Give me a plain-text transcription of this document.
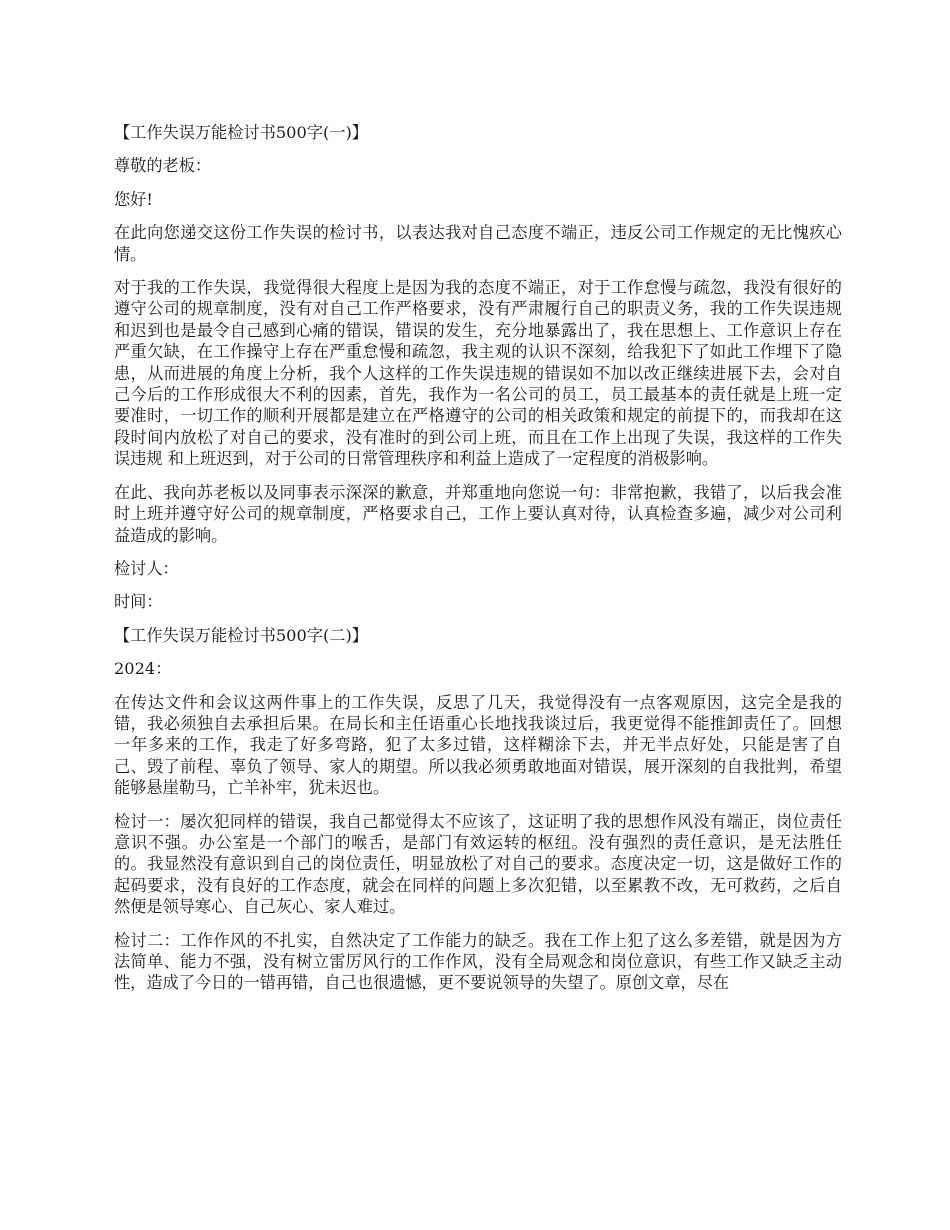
【工作失误万能检讨书500字(一)】

尊敬的老板：

您好!

在此向您递交这份工作失误的检讨书，以表达我对自己态度不端正，违反公司工作规定的无比愧疚心情。

对于我的工作失误，我觉得很大程度上是因为我的态度不端正，对于工作怠慢与疏忽，我没有很好的遵守公司的规章制度，没有对自己工作严格要求，没有严肃履行自己的职责义务，我的工作失误违规和迟到也是最令自己感到心痛的错误，错误的发生，充分地暴露出了，我在思想上、工作意识上存在严重欠缺，在工作操守上存在严重怠慢和疏忽，我主观的认识不深刻，给我犯下了如此工作埋下了隐患，从而进展的角度上分析，我个人这样的工作失误违规的错误如不加以改正继续进展下去，会对自己今后的工作形成很大不利的因素，首先，我作为一名公司的员工，员工最基本的责任就是上班一定要准时，一切工作的顺利开展都是建立在严格遵守的公司的相关政策和规定的前提下的，而我却在这段时间内放松了对自己的要求，没有准时的到公司上班，而且在工作上出现了失误，我这样的工作失误违规 和上班迟到，对于公司的日常管理秩序和利益上造成了一定程度的消极影响。

在此、我向苏老板以及同事表示深深的歉意，并郑重地向您说一句：非常抱歉，我错了，以后我会准时上班并遵守好公司的规章制度，严格要求自己，工作上要认真对待，认真检查多遍，减少对公司利益造成的影响。

检讨人：

时间：

【工作失误万能检讨书500字(二)】

2024：

在传达文件和会议这两件事上的工作失误，反思了几天，我觉得没有一点客观原因，这完全是我的错，我必须独自去承担后果。在局长和主任语重心长地找我谈过后，我更觉得不能推卸责任了。回想一年多来的工作，我走了好多弯路，犯了太多过错，这样糊涂下去，并无半点好处，只能是害了自己、毁了前程、辜负了领导、家人的期望。所以我必须勇敢地面对错误，展开深刻的自我批判，希望能够悬崖勒马，亡羊补牢，犹未迟也。

检讨一：屡次犯同样的错误，我自己都觉得太不应该了，这证明了我的思想作风没有端正，岗位责任意识不强。办公室是一个部门的喉舌，是部门有效运转的枢纽。没有强烈的责任意识，是无法胜任的。我显然没有意识到自己的岗位责任，明显放松了对自己的要求。态度决定一切，这是做好工作的起码要求，没有良好的工作态度，就会在同样的问题上多次犯错，以至累教不改，无可救药，之后自然便是领导寒心、自己灰心、家人难过。

检讨二：工作作风的不扎实，自然决定了工作能力的缺乏。我在工作上犯了这么多差错，就是因为方法简单、能力不强，没有树立雷厉风行的工作作风，没有全局观念和岗位意识，有些工作又缺乏主动性，造成了今日的一错再错，自己也很遗憾，更不要说领导的失望了。原创文章，尽在
